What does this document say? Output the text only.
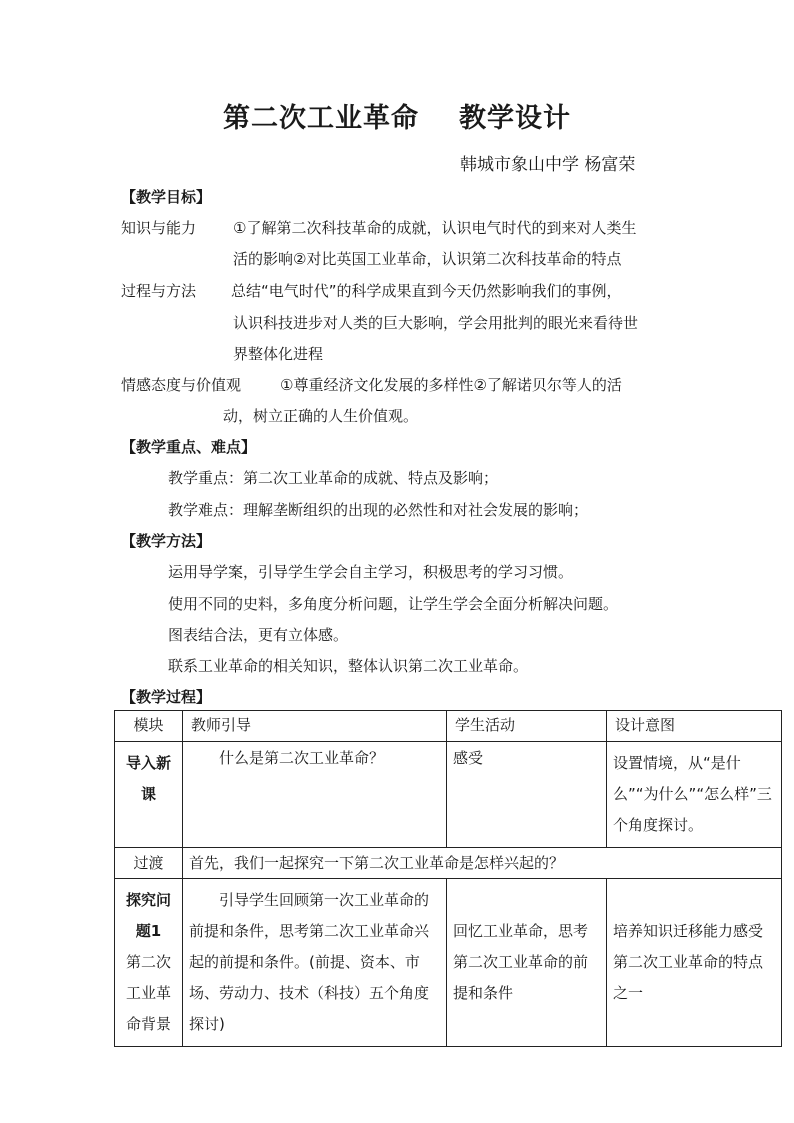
第二次工业革命 教学设计
韩城市象山中学 杨富荣
【教学目标】
知识与能力 ①了解第二次科技革命的成就，认识电气时代的到来对人类生
活的影响②对比英国工业革命，认识第二次科技革命的特点
过程与方法 总结“电气时代”的科学成果直到今天仍然影响我们的事例，
认识科技进步对人类的巨大影响，学会用批判的眼光来看待世
界整体化进程
情感态度与价值观	①尊重经济文化发展的多样性②了解诺贝尔等人的活
动，树立正确的人生价值观。
【教学重点、难点】
教学重点：第二次工业革命的成就、特点及影响；
教学难点：理解垄断组织的出现的必然性和对社会发展的影响；
【教学方法】
运用导学案，引导学生学会自主学习，积极思考的学习习惯。
使用不同的史料，多角度分析问题，让学生学会全面分析解决问题。
图表结合法，更有立体感。
联系工业革命的相关知识，整体认识第二次工业革命。
【教学过程】
模块	教师引导	学生活动	设计意图
导入新课	什么是第二次工业革命？	感受	设置情境，从“是什么”“为什么”“怎么样”三个角度探讨。
过渡	首先，我们一起探究一下第二次工业革命是怎样兴起的？		
探究问题1
第二次工业革命背景	引导学生回顾第一次工业革命的前提和条件，思考第二次工业革命兴起的前提和条件。(前提、资本、市场、劳动力、技术（科技）五个角度探讨)	回忆工业革命，思考第二次工业革命的前提和条件	培养知识迁移能力感受第二次工业革命的特点之一
